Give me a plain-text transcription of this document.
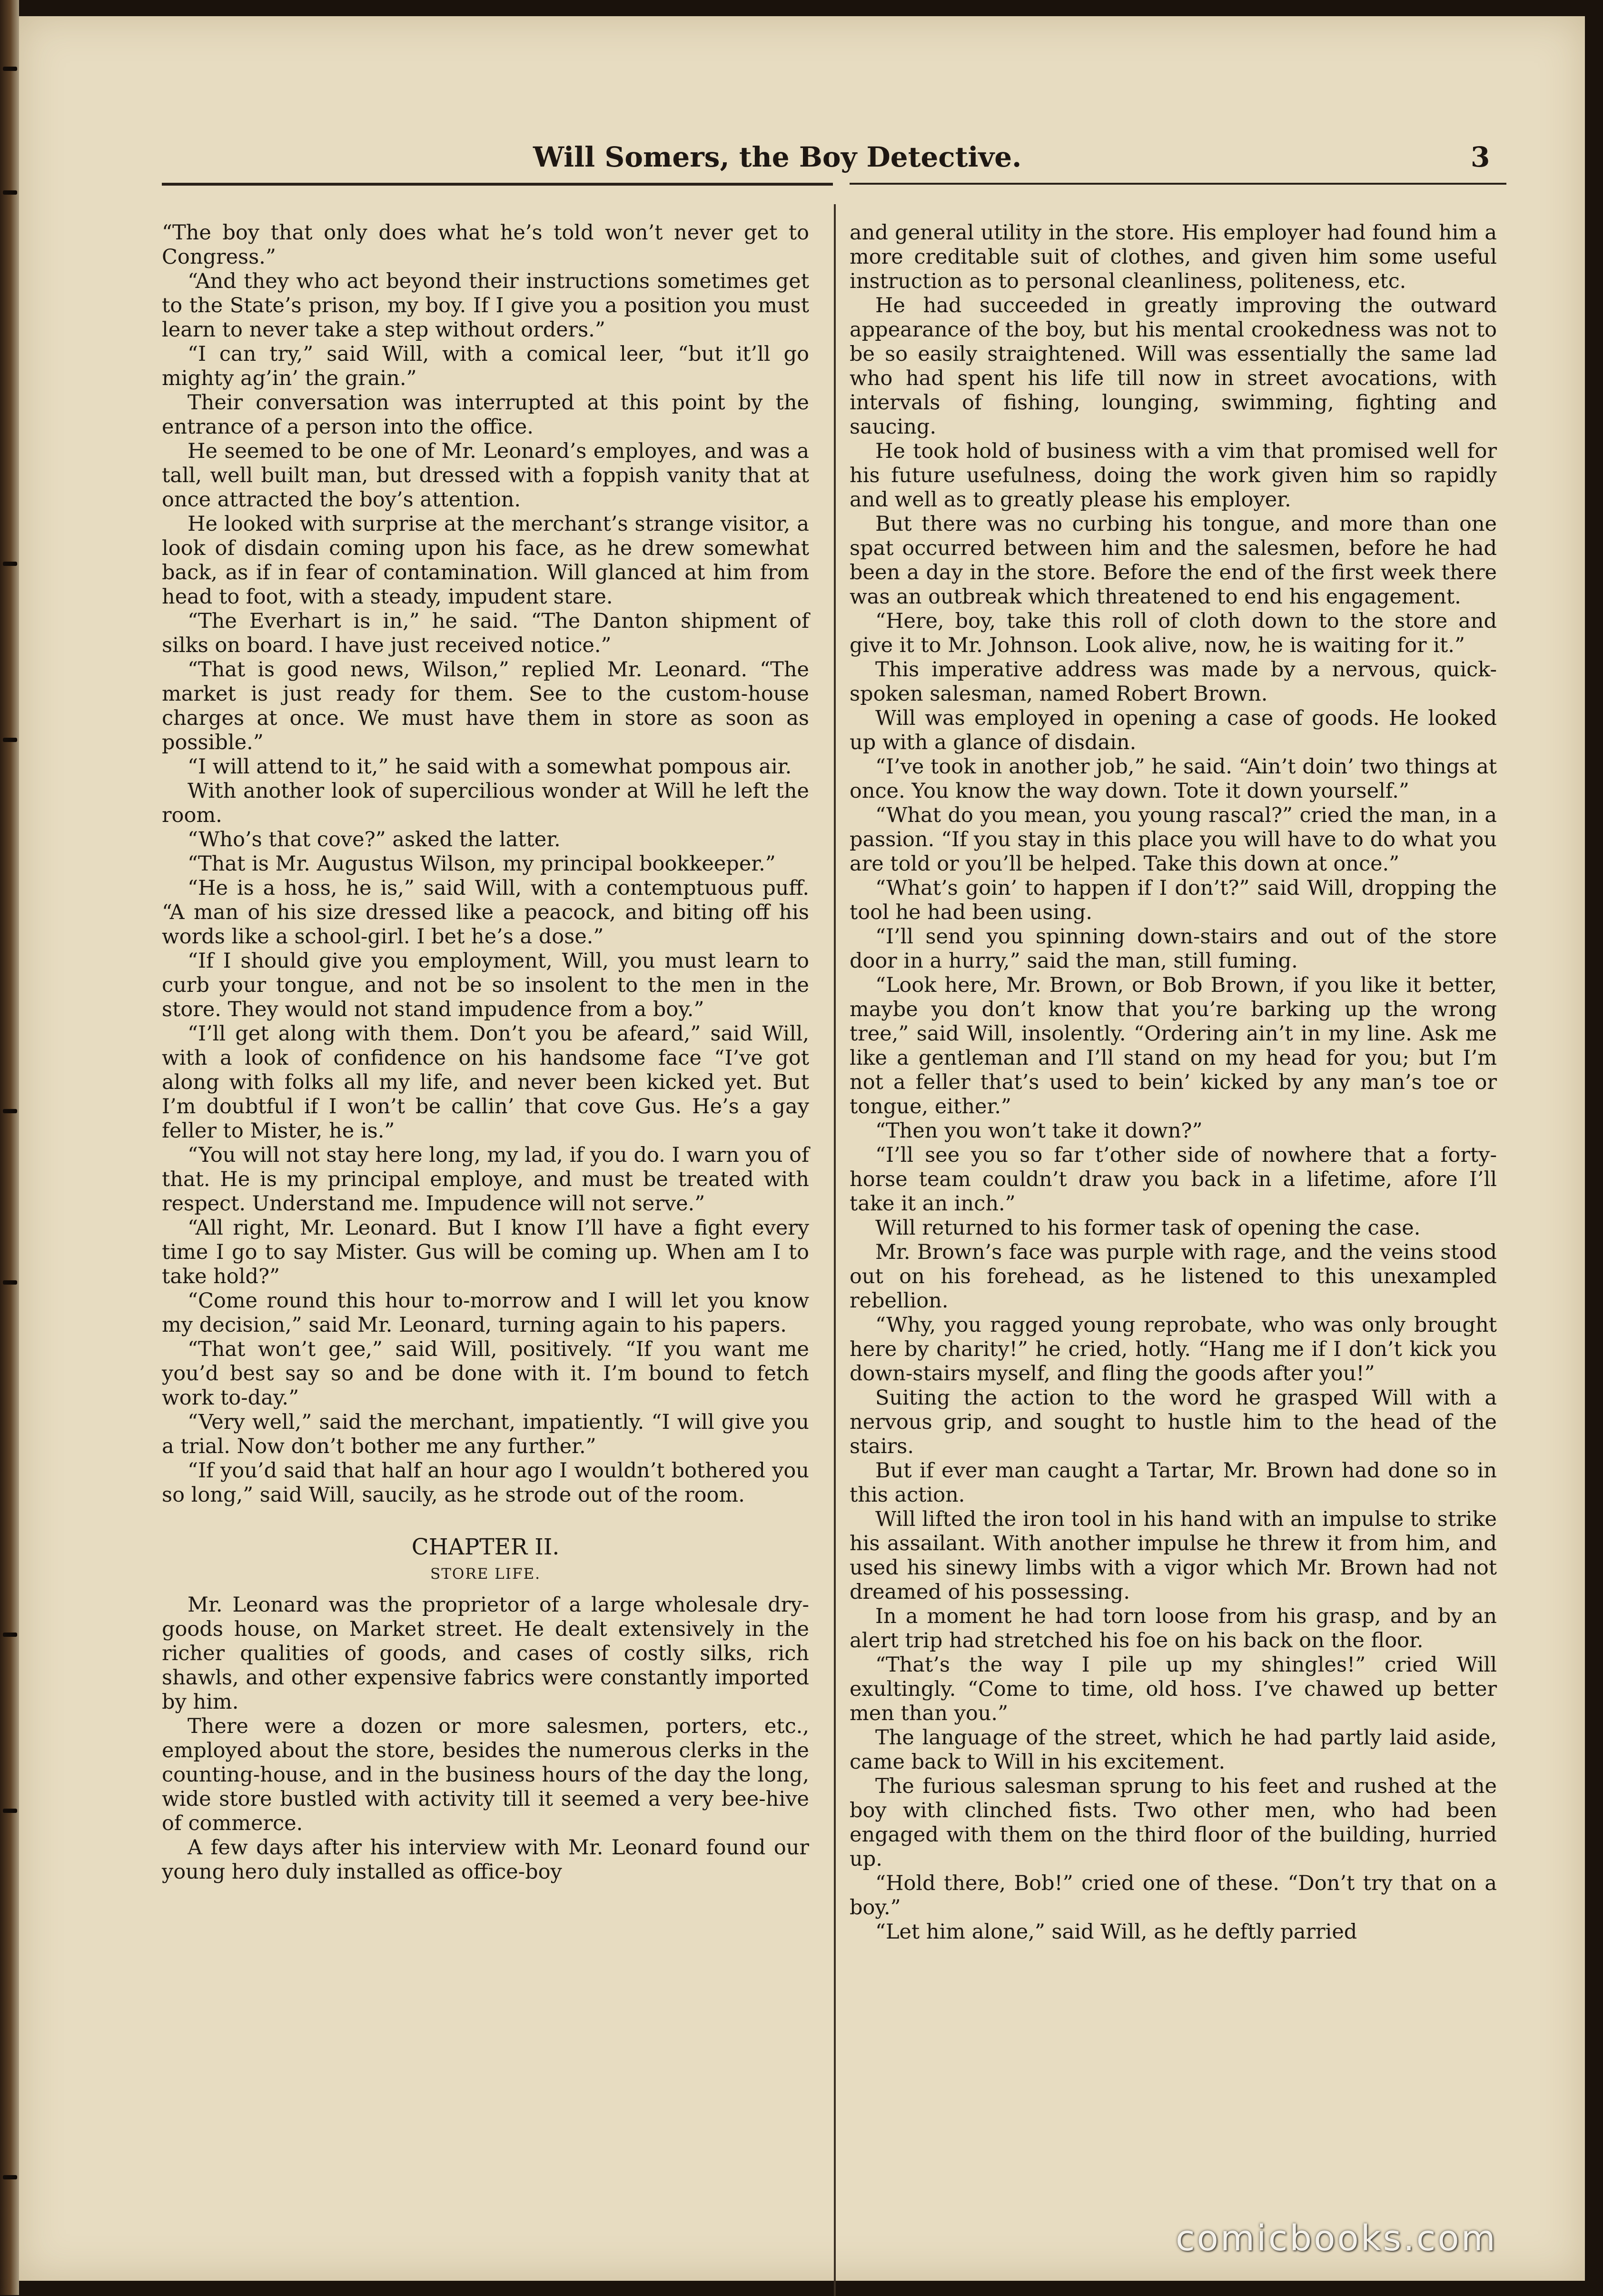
Will Somers, the Boy Detective.	3

“The boy that only does what he’s told won’t never get to Congress.”

“And they who act beyond their instructions sometimes get to the State’s prison, my boy. If I give you a position you must learn to never take a step without orders.”

“I can try,” said Will, with a comical leer, “but it’ll go mighty ag’in’ the grain.”

Their conversation was interrupted at this point by the entrance of a person into the office.

He seemed to be one of Mr. Leonard’s employes, and was a tall, well built man, but dressed with a foppish vanity that at once attracted the boy’s attention.

He looked with surprise at the merchant’s strange visitor, a look of disdain coming upon his face, as he drew somewhat back, as if in fear of contamination. Will glanced at him from head to foot, with a steady, impudent stare.

“The Everhart is in,” he said. “The Danton shipment of silks on board. I have just received notice.”

“That is good news, Wilson,” replied Mr. Leonard. “The market is just ready for them. See to the custom-house charges at once. We must have them in store as soon as possible.”

“I will attend to it,” he said with a somewhat pompous air.

With another look of supercilious wonder at Will he left the room.

“Who’s that cove?” asked the latter.

“That is Mr. Augustus Wilson, my principal bookkeeper.”

“He is a hoss, he is,” said Will, with a contemptuous puff. “A man of his size dressed like a peacock, and biting off his words like a school-girl. I bet he’s a dose.”

“If I should give you employment, Will, you must learn to curb your tongue, and not be so insolent to the men in the store. They would not stand impudence from a boy.”

“I’ll get along with them. Don’t you be afeard,” said Will, with a look of confidence on his handsome face “I’ve got along with folks all my life, and never been kicked yet. But I’m doubtful if I won’t be callin’ that cove Gus. He’s a gay feller to Mister, he is.”

“You will not stay here long, my lad, if you do. I warn you of that. He is my principal employe, and must be treated with respect. Understand me. Impudence will not serve.”

“All right, Mr. Leonard. But I know I’ll have a fight every time I go to say Mister. Gus will be coming up. When am I to take hold?”

“Come round this hour to-morrow and I will let you know my decision,” said Mr. Leonard, turning again to his papers.

“That won’t gee,” said Will, positively. “If you want me you’d best say so and be done with it. I’m bound to fetch work to-day.”

“Very well,” said the merchant, impatiently. “I will give you a trial. Now don’t bother me any further.”

“If you’d said that half an hour ago I wouldn’t bothered you so long,” said Will, saucily, as he strode out of the room.

CHAPTER II.
STORE LIFE.

Mr. Leonard was the proprietor of a large wholesale dry-goods house, on Market street. He dealt extensively in the richer qualities of goods, and cases of costly silks, rich shawls, and other expensive fabrics were constantly imported by him.

There were a dozen or more salesmen, porters, etc., employed about the store, besides the numerous clerks in the counting-house, and in the business hours of the day the long, wide store bustled with activity till it seemed a very bee-hive of commerce.

A few days after his interview with Mr. Leonard found our young hero duly installed as office-boy

and general utility in the store. His employer had found him a more creditable suit of clothes, and given him some useful instruction as to personal cleanliness, politeness, etc.

He had succeeded in greatly improving the outward appearance of the boy, but his mental crookedness was not to be so easily straightened. Will was essentially the same lad who had spent his life till now in street avocations, with intervals of fishing, lounging, swimming, fighting and saucing.

He took hold of business with a vim that promised well for his future usefulness, doing the work given him so rapidly and well as to greatly please his employer.

But there was no curbing his tongue, and more than one spat occurred between him and the salesmen, before he had been a day in the store. Before the end of the first week there was an outbreak which threatened to end his engagement.

“Here, boy, take this roll of cloth down to the store and give it to Mr. Johnson. Look alive, now, he is waiting for it.”

This imperative address was made by a nervous, quick-spoken salesman, named Robert Brown.

Will was employed in opening a case of goods. He looked up with a glance of disdain.

“I’ve took in another job,” he said. “Ain’t doin’ two things at once. You know the way down. Tote it down yourself.”

“What do you mean, you young rascal?” cried the man, in a passion. “If you stay in this place you will have to do what you are told or you’ll be helped. Take this down at once.”

“What’s goin’ to happen if I don’t?” said Will, dropping the tool he had been using.

“I’ll send you spinning down-stairs and out of the store door in a hurry,” said the man, still fuming.

“Look here, Mr. Brown, or Bob Brown, if you like it better, maybe you don’t know that you’re barking up the wrong tree,” said Will, insolently. “Ordering ain’t in my line. Ask me like a gentleman and I’ll stand on my head for you; but I’m not a feller that’s used to bein’ kicked by any man’s toe or tongue, either.”

“Then you won’t take it down?”

“I’ll see you so far t’other side of nowhere that a forty-horse team couldn’t draw you back in a lifetime, afore I’ll take it an inch.”

Will returned to his former task of opening the case.

Mr. Brown’s face was purple with rage, and the veins stood out on his forehead, as he listened to this unexampled rebellion.

“Why, you ragged young reprobate, who was only brought here by charity!” he cried, hotly. “Hang me if I don’t kick you down-stairs myself, and fling the goods after you!”

Suiting the action to the word he grasped Will with a nervous grip, and sought to hustle him to the head of the stairs.

But if ever man caught a Tartar, Mr. Brown had done so in this action.

Will lifted the iron tool in his hand with an impulse to strike his assailant. With another impulse he threw it from him, and used his sinewy limbs with a vigor which Mr. Brown had not dreamed of his possessing.

In a moment he had torn loose from his grasp, and by an alert trip had stretched his foe on his back on the floor.

“That’s the way I pile up my shingles!” cried Will exultingly. “Come to time, old hoss. I’ve chawed up better men than you.”

The language of the street, which he had partly laid aside, came back to Will in his excitement.

The furious salesman sprung to his feet and rushed at the boy with clinched fists. Two other men, who had been engaged with them on the third floor of the building, hurried up.

“Hold there, Bob!” cried one of these. “Don’t try that on a boy.”

“Let him alone,” said Will, as he deftly parried

comicbooks.com
